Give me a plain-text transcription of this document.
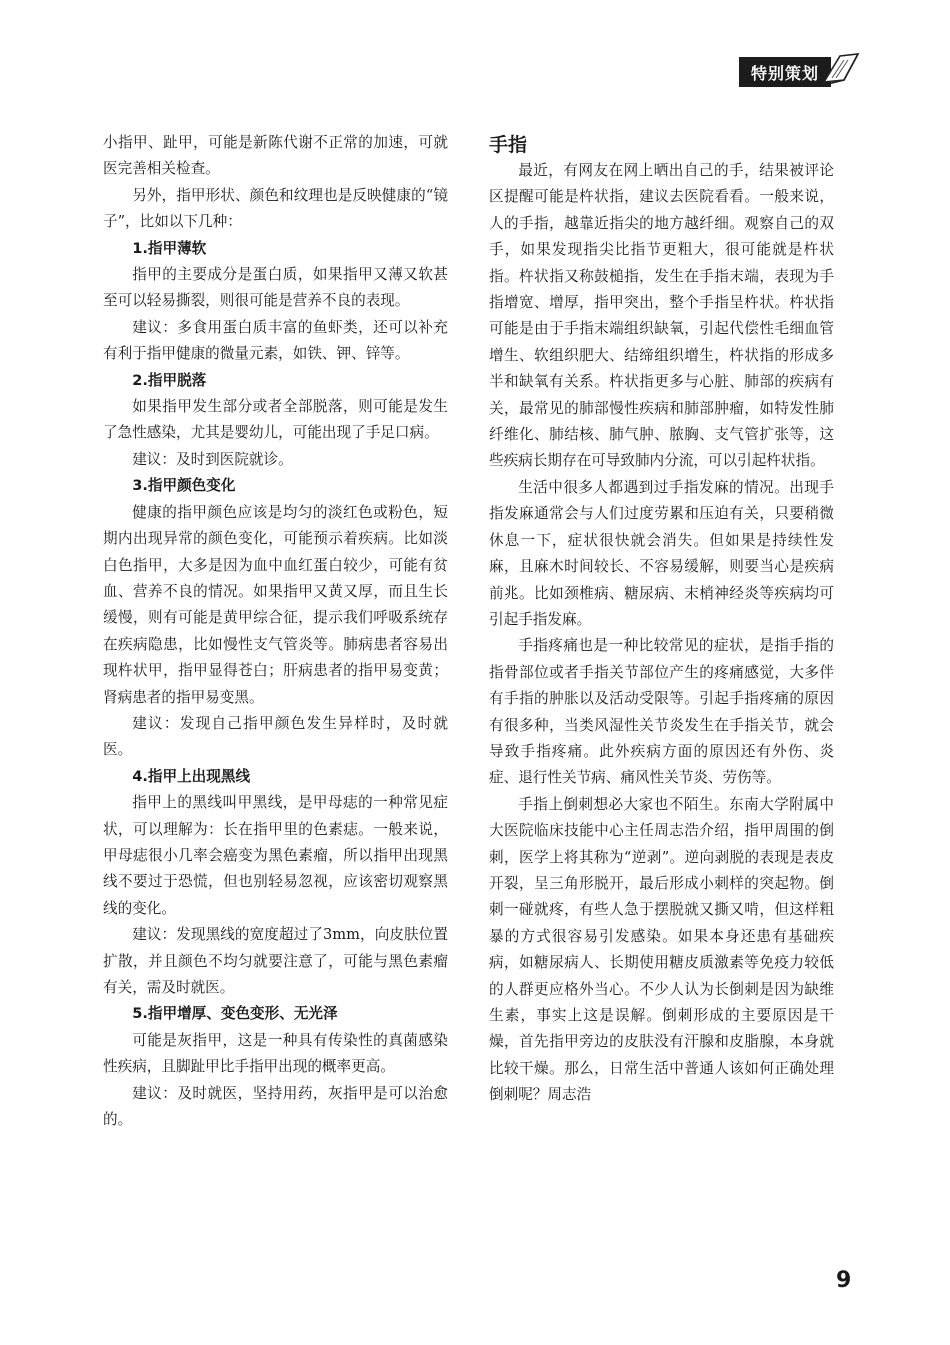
特别策划

小指甲、趾甲，可能是新陈代谢不正常的加速，可就医完善相关检查。

另外，指甲形状、颜色和纹理也是反映健康的“镜子”，比如以下几种：

1.指甲薄软

指甲的主要成分是蛋白质，如果指甲又薄又软甚至可以轻易撕裂，则很可能是营养不良的表现。

建议：多食用蛋白质丰富的鱼虾类，还可以补充有利于指甲健康的微量元素，如铁、钾、锌等。

2.指甲脱落

如果指甲发生部分或者全部脱落，则可能是发生了急性感染，尤其是婴幼儿，可能出现了手足口病。

建议：及时到医院就诊。

3.指甲颜色变化

健康的指甲颜色应该是均匀的淡红色或粉色，短期内出现异常的颜色变化，可能预示着疾病。比如淡白色指甲，大多是因为血中血红蛋白较少，可能有贫血、营养不良的情况。如果指甲又黄又厚，而且生长缓慢，则有可能是黄甲综合征，提示我们呼吸系统存在疾病隐患，比如慢性支气管炎等。肺病患者容易出现杵状甲，指甲显得苍白；肝病患者的指甲易变黄；肾病患者的指甲易变黑。

建议：发现自己指甲颜色发生异样时，及时就医。

4.指甲上出现黑线

指甲上的黑线叫甲黑线，是甲母痣的一种常见症状，可以理解为：长在指甲里的色素痣。一般来说，甲母痣很小几率会癌变为黑色素瘤，所以指甲出现黑线不要过于恐慌，但也别轻易忽视，应该密切观察黑线的变化。

建议：发现黑线的宽度超过了3mm，向皮肤位置扩散，并且颜色不均匀就要注意了，可能与黑色素瘤有关，需及时就医。

5.指甲增厚、变色变形、无光泽

可能是灰指甲，这是一种具有传染性的真菌感染性疾病，且脚趾甲比手指甲出现的概率更高。

建议：及时就医，坚持用药，灰指甲是可以治愈的。

手指

最近，有网友在网上晒出自己的手，结果被评论区提醒可能是杵状指，建议去医院看看。一般来说，人的手指，越靠近指尖的地方越纤细。观察自己的双手，如果发现指尖比指节更粗大，很可能就是杵状指。杵状指又称鼓槌指，发生在手指末端，表现为手指增宽、增厚，指甲突出，整个手指呈杵状。杵状指可能是由于手指末端组织缺氧，引起代偿性毛细血管增生、软组织肥大、结缔组织增生，杵状指的形成多半和缺氧有关系。杵状指更多与心脏、肺部的疾病有关，最常见的肺部慢性疾病和肺部肿瘤，如特发性肺纤维化、肺结核、肺气肿、脓胸、支气管扩张等，这些疾病长期存在可导致肺内分流，可以引起杵状指。

生活中很多人都遇到过手指发麻的情况。出现手指发麻通常会与人们过度劳累和压迫有关，只要稍微休息一下，症状很快就会消失。但如果是持续性发麻，且麻木时间较长、不容易缓解，则要当心是疾病前兆。比如颈椎病、糖尿病、末梢神经炎等疾病均可引起手指发麻。

手指疼痛也是一种比较常见的症状，是指手指的指骨部位或者手指关节部位产生的疼痛感觉，大多伴有手指的肿胀以及活动受限等。引起手指疼痛的原因有很多种，当类风湿性关节炎发生在手指关节，就会导致手指疼痛。此外疾病方面的原因还有外伤、炎症、退行性关节病、痛风性关节炎、劳伤等。

手指上倒刺想必大家也不陌生。东南大学附属中大医院临床技能中心主任周志浩介绍，指甲周围的倒刺，医学上将其称为“逆剥”。逆向剥脱的表现是表皮开裂，呈三角形脱开，最后形成小刺样的突起物。倒刺一碰就疼，有些人急于摆脱就又撕又啃，但这样粗暴的方式很容易引发感染。如果本身还患有基础疾病，如糖尿病人、长期使用糖皮质激素等免疫力较低的人群更应格外当心。不少人认为长倒刺是因为缺维生素，事实上这是误解。倒刺形成的主要原因是干燥，首先指甲旁边的皮肤没有汗腺和皮脂腺，本身就比较干燥。那么，日常生活中普通人该如何正确处理倒刺呢？周志浩

9
